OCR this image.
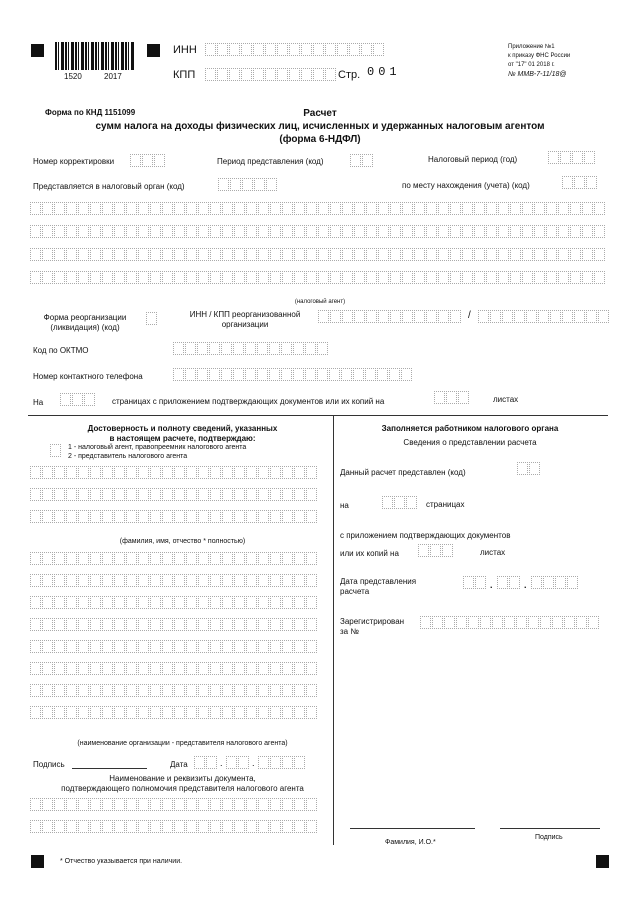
1520	2017
ИНН
КПП	Стр. 001
Приложение №1
к приказу ФНС России
от "17" 01 2018 г.
№ ММВ-7-11/18@
Форма по КНД 1151099	Расчет
сумм налога на доходы физических лиц, исчисленных и удержанных налоговым агентом
(форма 6-НДФЛ)
Номер корректировки	Период представления (код)	Налоговый период (год)
Представляется в налоговый орган (код)	по месту нахождения (учета) (код)
(налоговый агент)
Форма реорганизации
(ликвидация) (код)
ИНН / КПП реорганизованной
организации
/
Код по ОКТМО
Номер контактного телефона
На	страницах с приложением подтверждающих документов или их копий на	листах
Достоверность и полноту сведений, указанных
в настоящем расчете, подтверждаю:
1 - налоговый агент, правопреемник налогового агента
2 - представитель налогового агента
(фамилия, имя, отчество * полностью)
(наименование организации - представителя налогового агента)
Подпись	Дата	.	.
Наименование и реквизиты документа,
подтверждающего полномочия представителя налогового агента
Заполняется работником налогового органа
Сведения о представлении расчета
Данный расчет представлен (код)
на	страницах
с приложением подтверждающих документов
или их копий на	листах
Дата представления
расчета
.	.
Зарегистрирован
за №
Фамилия, И.О.*
Подпись
* Отчество указывается при наличии.
